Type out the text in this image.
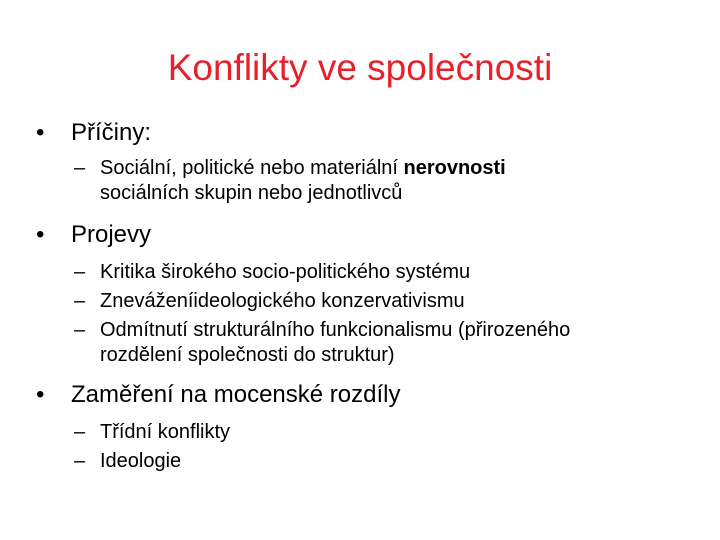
Konflikty ve společnosti
•	Příčiny:
– Sociální, politické nebo materiální nerovnosti
sociálních skupin nebo jednotlivců
•	Projevy
– Kritika širokého socio-politického systému
– Zneváženíideologického konzervativismu
– Odmítnutí strukturálního funkcionalismu (přirozeného
rozdělení společnosti do struktur)
•	Zaměření na mocenské rozdíly
– Třídní konflikty
– Ideologie
